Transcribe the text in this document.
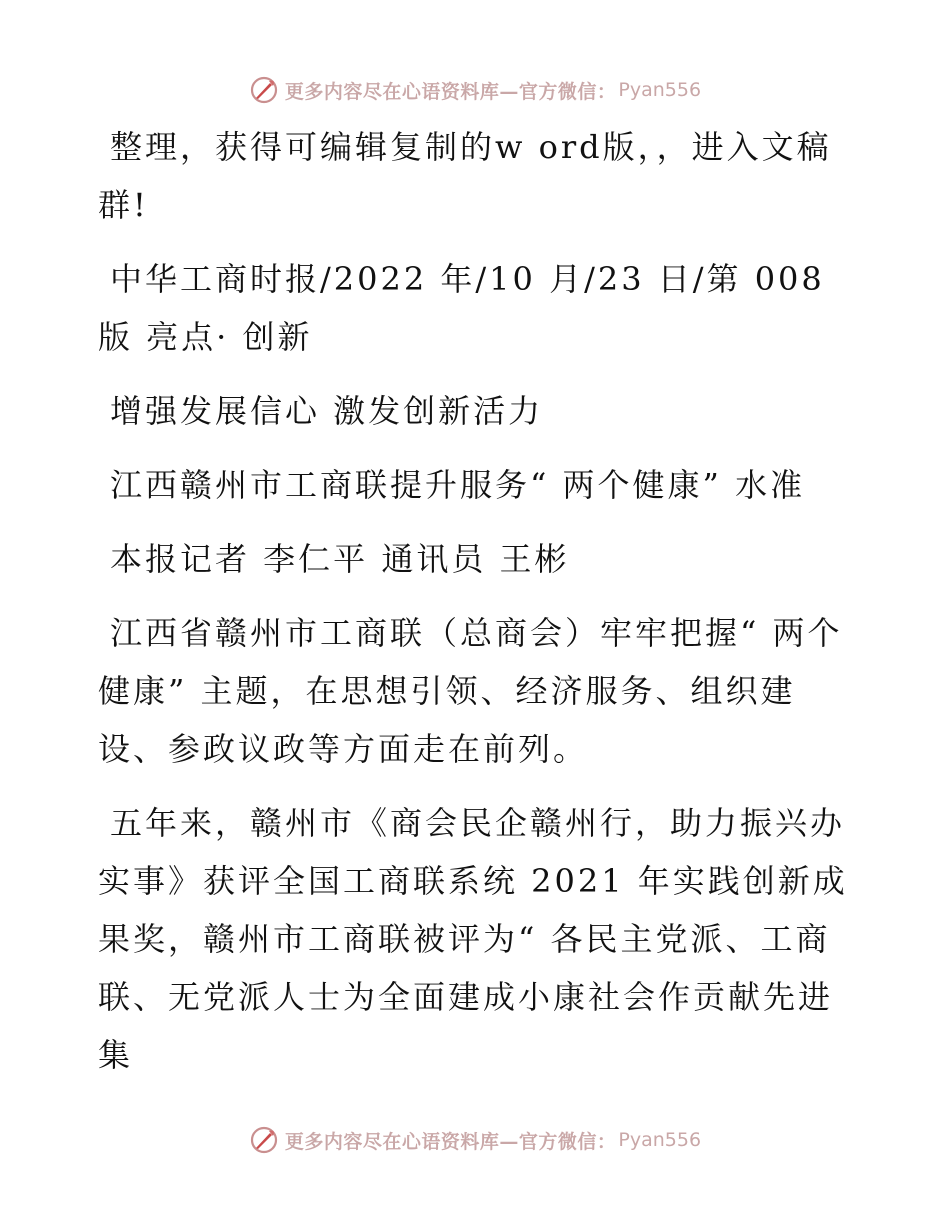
更多内容尽在心语资料库—官方微信： Pyan556

整理，获得可编辑复制的w ord版，，进入文稿群!

中华工商时报/2022 年/10 月/23 日/第 008 版 亮点· 创新

增强发展信心 激发创新活力

江西赣州市工商联提升服务“ 两个健康” 水准

本报记者 李仁平 通讯员 王彬

江西省赣州市工商联（总商会）牢牢把握“ 两个健康” 主题，在思想引领、经济服务、组织建设、参政议政等方面走在前列。

五年来，赣州市《商会民企赣州行，助力振兴办实事》获评全国工商联系统 2021 年实践创新成果奖，赣州市工商联被评为“ 各民主党派、工商联、无党派人士为全面建成小康社会作贡献先进集

更多内容尽在心语资料库—官方微信： Pyan556
